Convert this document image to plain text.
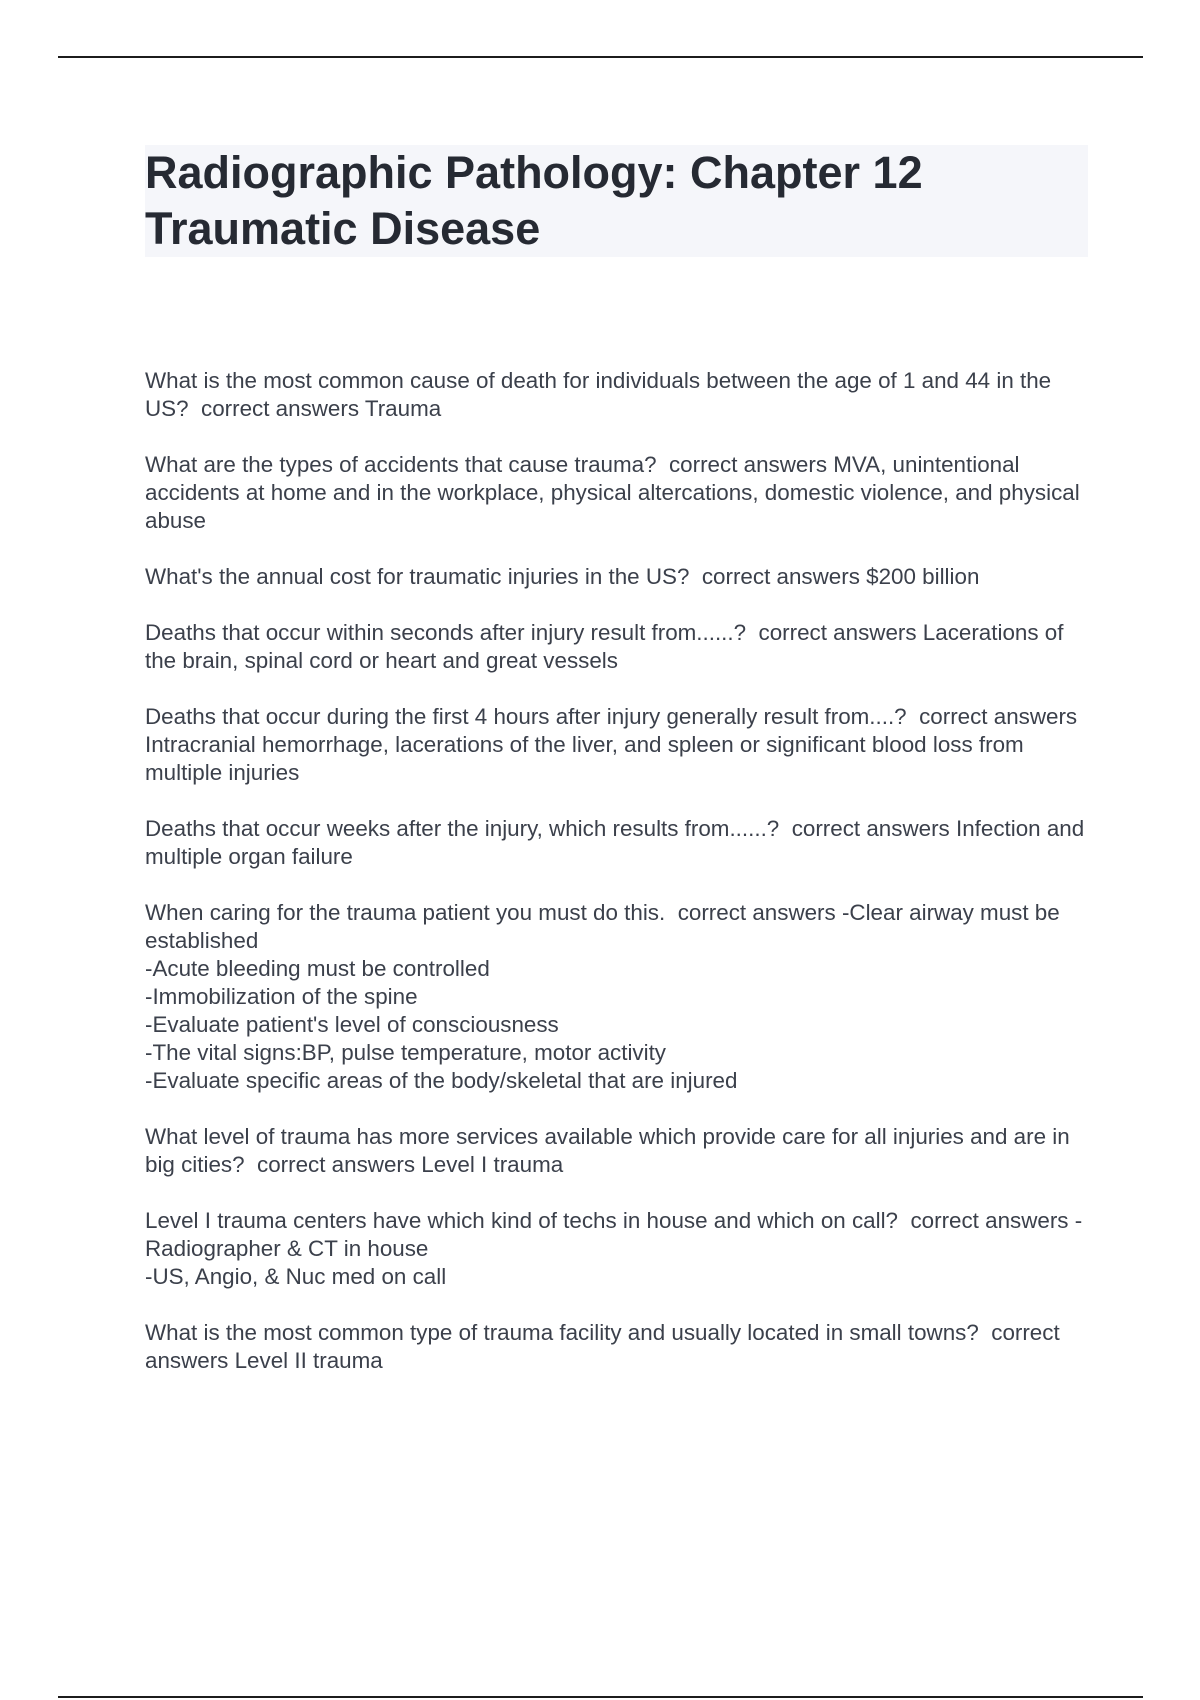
Radiographic Pathology: Chapter 12
Traumatic Disease

What is the most common cause of death for individuals between the age of 1 and 44 in the US? correct answers Trauma

What are the types of accidents that cause trauma? correct answers MVA, unintentional accidents at home and in the workplace, physical altercations, domestic violence, and physical abuse

What's the annual cost for traumatic injuries in the US? correct answers $200 billion

Deaths that occur within seconds after injury result from......? correct answers Lacerations of the brain, spinal cord or heart and great vessels

Deaths that occur during the first 4 hours after injury generally result from....? correct answers Intracranial hemorrhage, lacerations of the liver, and spleen or significant blood loss from multiple injuries

Deaths that occur weeks after the injury, which results from......? correct answers Infection and multiple organ failure

When caring for the trauma patient you must do this. correct answers -Clear airway must be established
-Acute bleeding must be controlled
-Immobilization of the spine
-Evaluate patient's level of consciousness
-The vital signs:BP, pulse temperature, motor activity
-Evaluate specific areas of the body/skeletal that are injured

What level of trauma has more services available which provide care for all injuries and are in big cities? correct answers Level I trauma

Level I trauma centers have which kind of techs in house and which on call? correct answers -Radiographer & CT in house
-US, Angio, & Nuc med on call

What is the most common type of trauma facility and usually located in small towns? correct answers Level II trauma
